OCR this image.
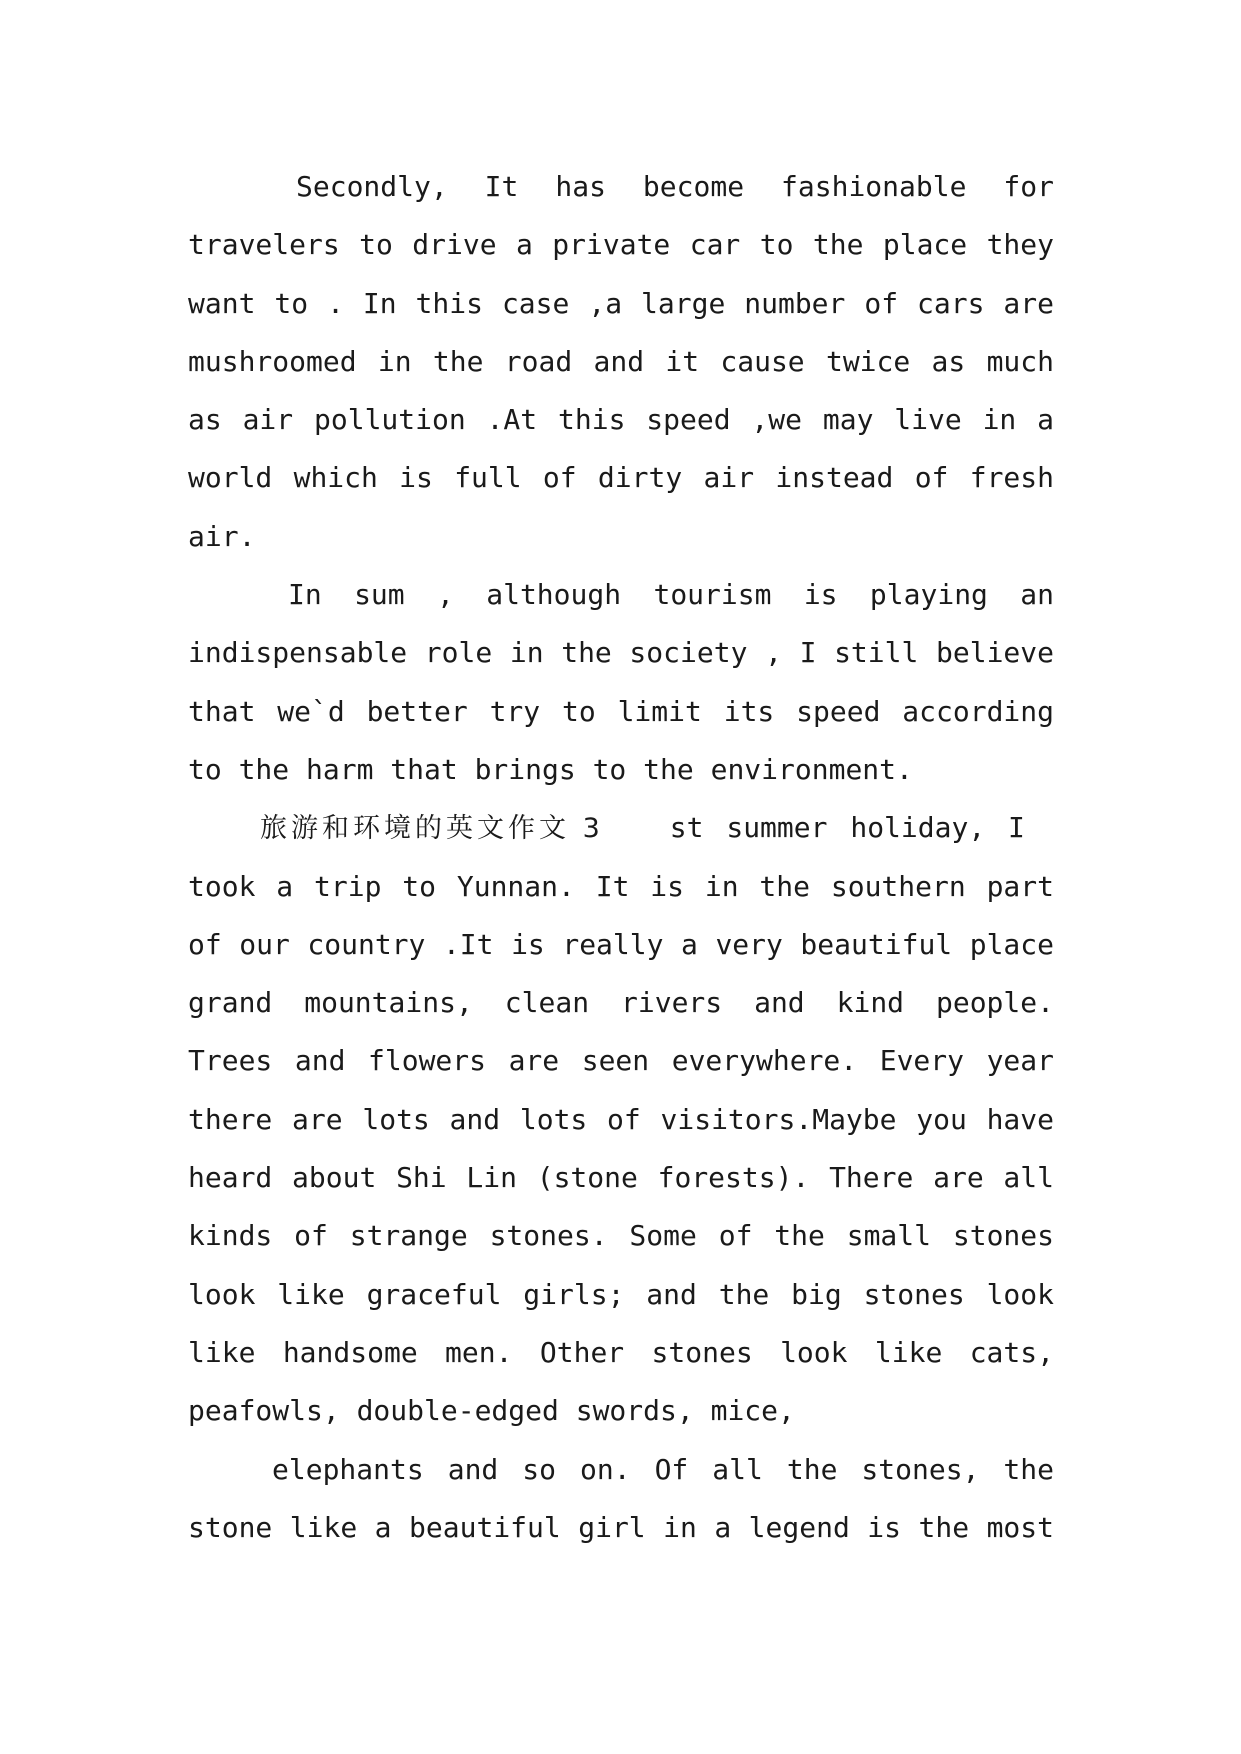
Secondly, It has become fashionable for
travelers to drive a private car to the place they
want to . In this case ,a large number of cars are
mushroomed in the road and it cause twice as much
as air pollution .At this speed ,we may live in a
world which is full of dirty air instead of fresh
air.
In sum , although tourism is playing an
indispensable role in the society , I still believe
that we`d better try to limit its speed according
to the harm that brings to the environment.
旅游和环境的英文作文 3 st summer holiday, I
took a trip to Yunnan. It is in the southern part
of our country .It is really a very beautiful place
grand mountains, clean rivers and kind people.
Trees and flowers are seen everywhere. Every year
there are lots and lots of visitors.Maybe you have
heard about Shi Lin (stone forests). There are all
kinds of strange stones. Some of the small stones
look like graceful girls; and the big stones look
like handsome men. Other stones look like cats,
peafowls, double-edged swords, mice,
elephants and so on. Of all the stones, the
stone like a beautiful girl in a legend is the most
